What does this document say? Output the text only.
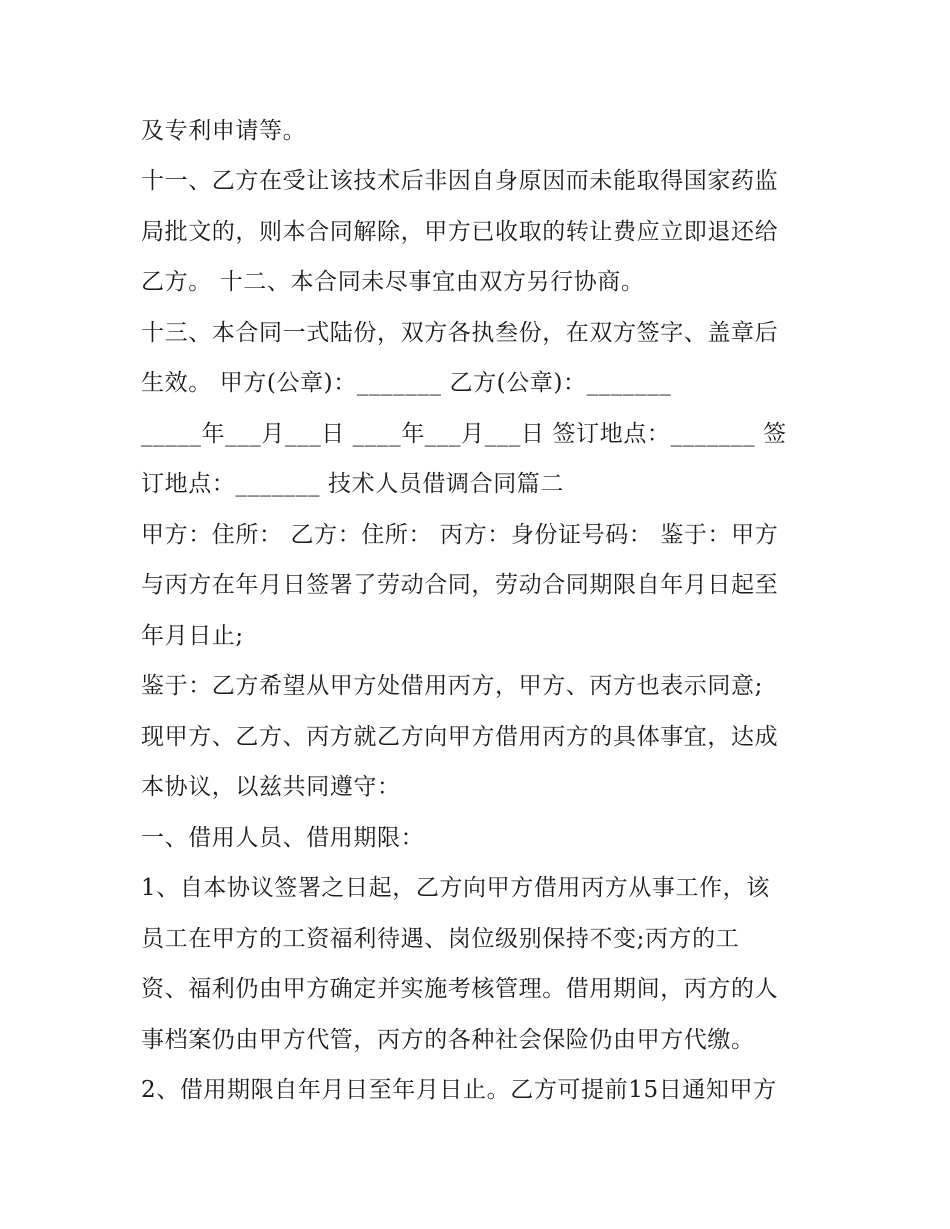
及专利申请等。

十一、乙方在受让该技术后非因自身原因而未能取得国家药监

局批文的，则本合同解除，甲方已收取的转让费应立即退还给

乙方。 十二、本合同未尽事宜由双方另行协商。

十三、本合同一式陆份，双方各执叁份，在双方签字、盖章后

生效。 甲方(公章)：_______ 乙方(公章)：_______

_____年___月___日 ____年___月___日 签订地点：_______ 签

订地点：_______ 技术人员借调合同篇二

甲方：住所： 乙方：住所： 丙方：身份证号码： 鉴于：甲方

与丙方在年月日签署了劳动合同，劳动合同期限自年月日起至

年月日止;

鉴于：乙方希望从甲方处借用丙方，甲方、丙方也表示同意;

现甲方、乙方、丙方就乙方向甲方借用丙方的具体事宜，达成

本协议，以兹共同遵守：

一、借用人员、借用期限：

1、自本协议签署之日起，乙方向甲方借用丙方从事工作，该

员工在甲方的工资福利待遇、岗位级别保持不变;丙方的工

资、福利仍由甲方确定并实施考核管理。借用期间，丙方的人

事档案仍由甲方代管，丙方的各种社会保险仍由甲方代缴。

2、借用期限自年月日至年月日止。乙方可提前15日通知甲方
